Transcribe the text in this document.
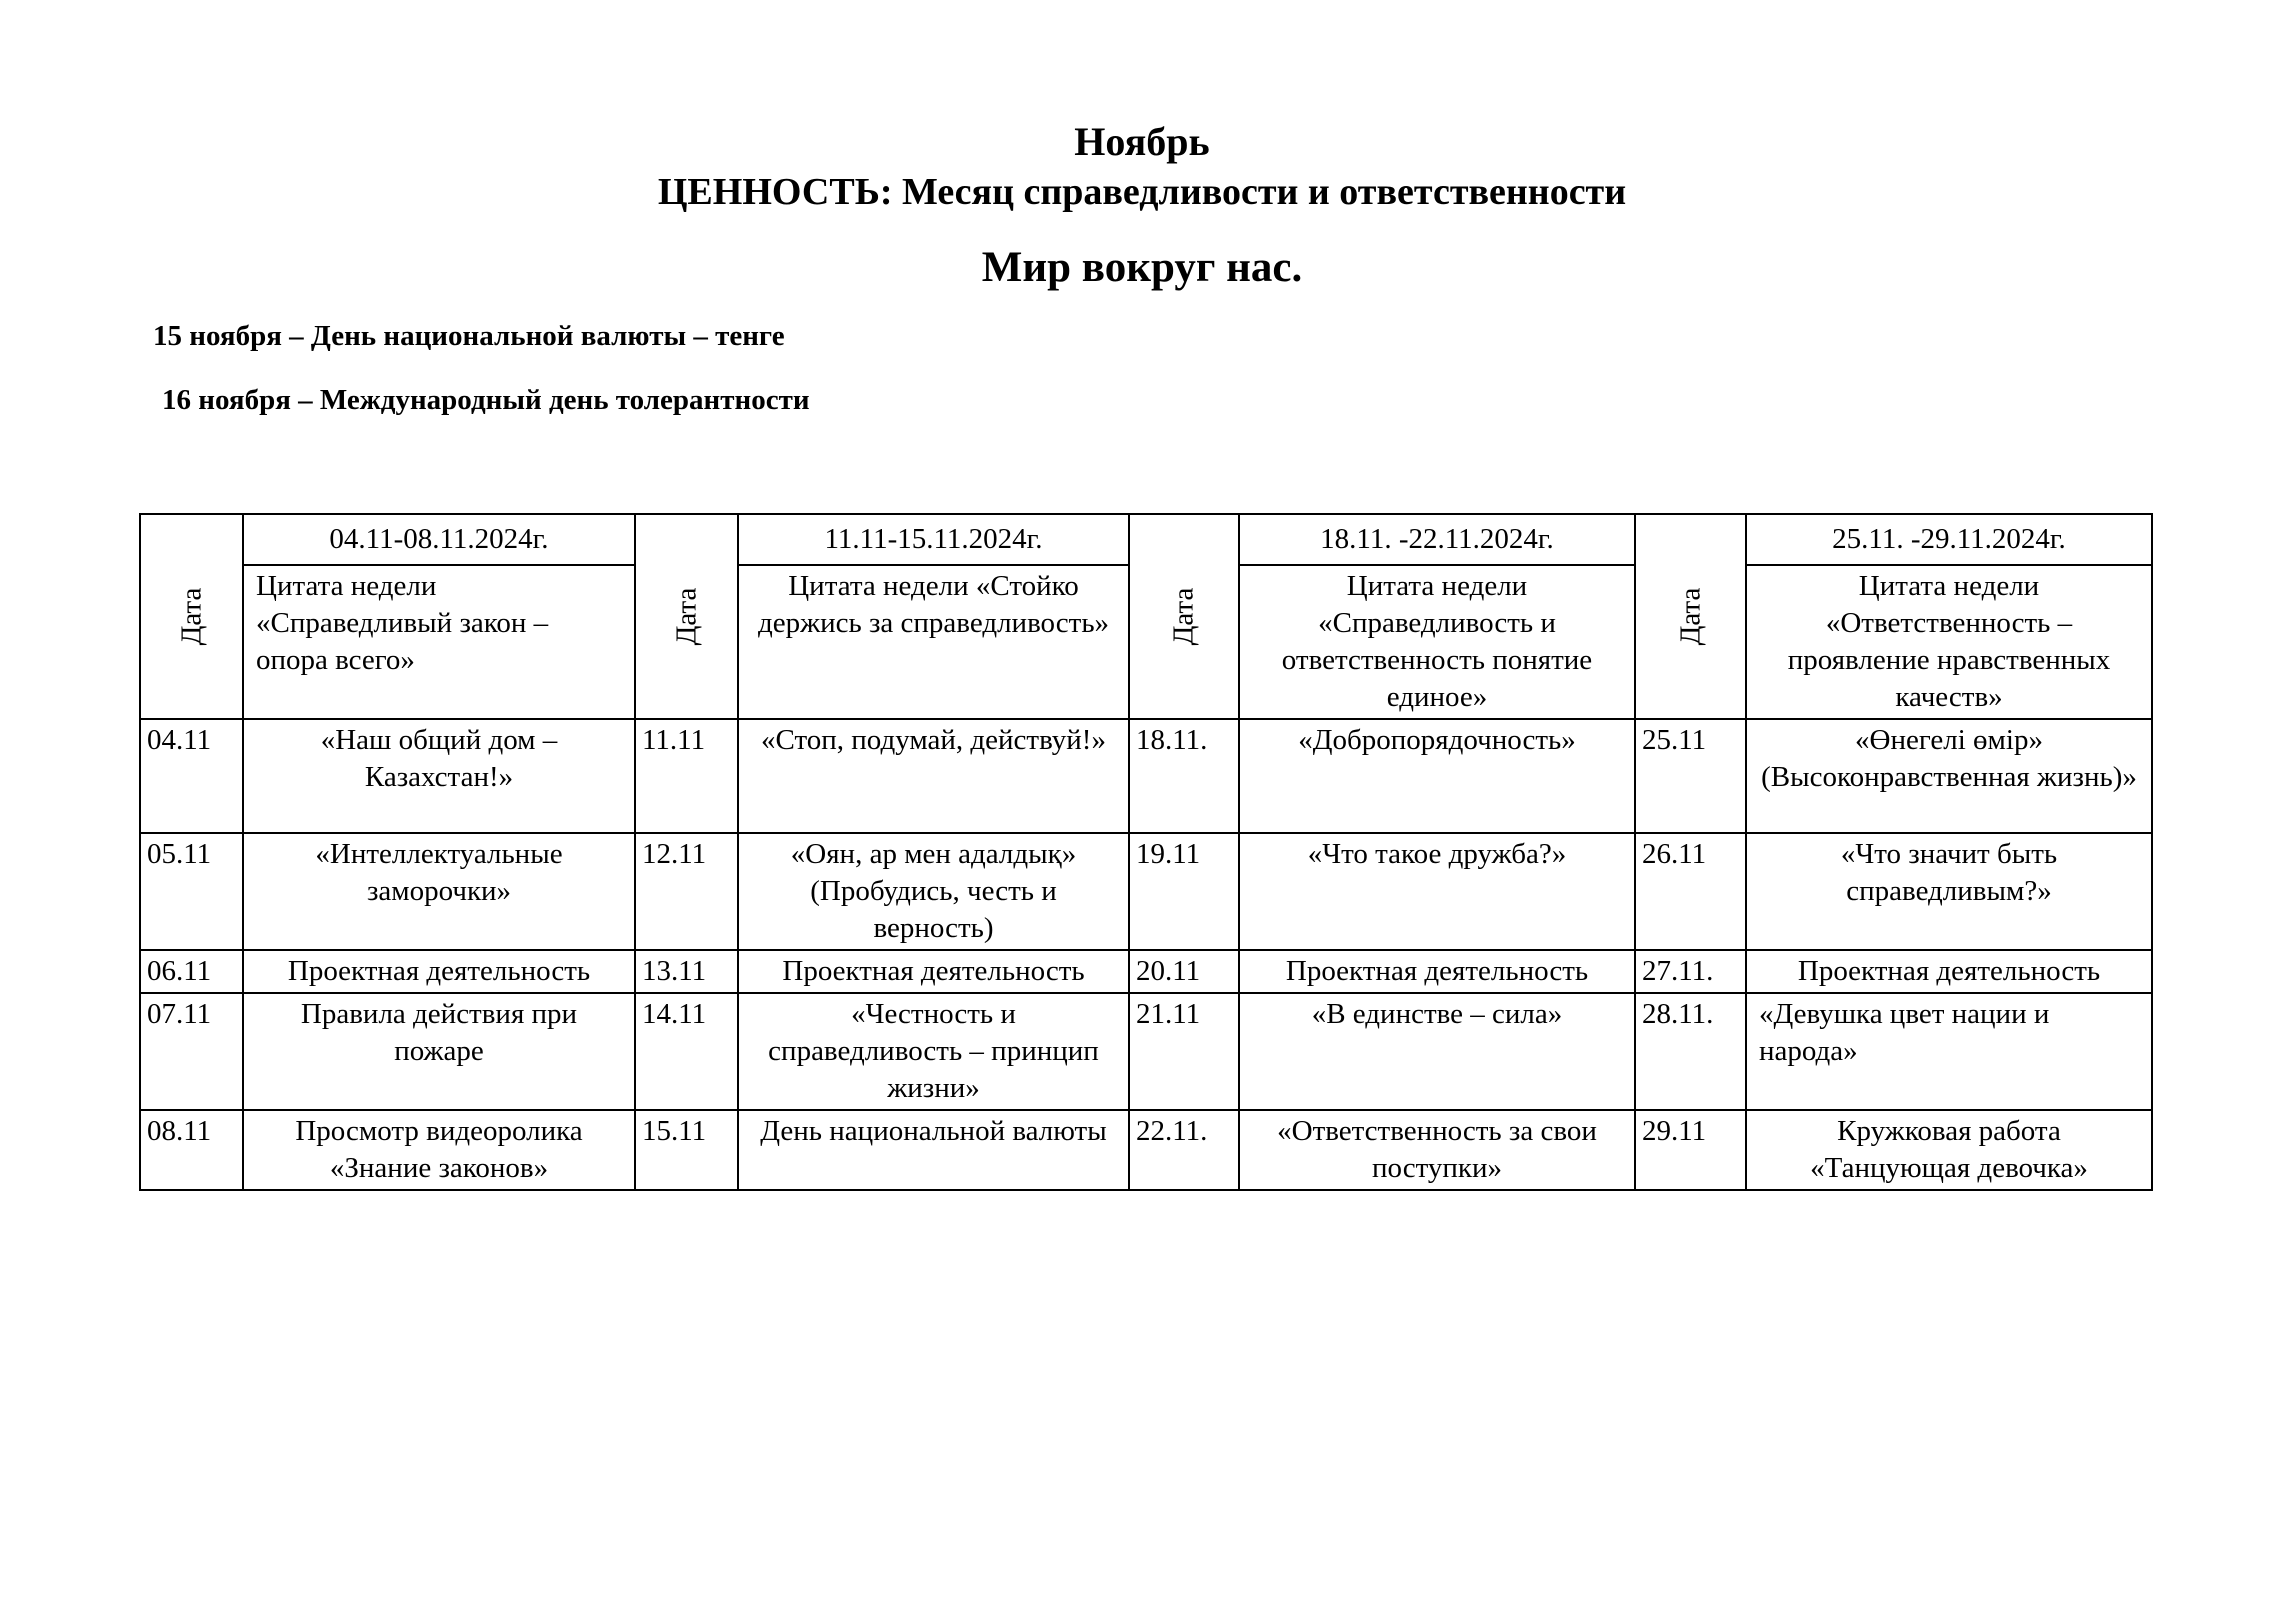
Ноябрь
ЦЕННОСТЬ: Месяц справедливости и ответственности
Мир вокруг нас.
15 ноября – День национальной валюты – тенге
16 ноября – Международный день толерантности
Дата	04.11-08.11.2024г.	Дата	11.11-15.11.2024г.	Дата	18.11. -22.11.2024г.	Дата	25.11. -29.11.2024г.
	Цитата недели «Справедливый закон – опора всего»		Цитата недели «Стойко держись за справедливость»		Цитата недели «Справедливость и ответственность понятие единое»		Цитата недели «Ответственность – проявление нравственных качеств»
04.11	«Наш общий дом – Казахстан!»	11.11	«Стоп, подумай, действуй!»	18.11.	«Добропорядочность»	25.11	«Өнегелі өмір» (Высоконравственная жизнь)»
05.11	«Интеллектуальные заморочки»	12.11	«Оян, ар мен адалдық» (Пробудись, честь и верность)	19.11	«Что такое дружба?»	26.11	«Что значит быть справедливым?»
06.11	Проектная деятельность	13.11	Проектная деятельность	20.11	Проектная деятельность	27.11.	Проектная деятельность
07.11	Правила действия при пожаре	14.11	«Честность и справедливость – принцип жизни»	21.11	«В единстве – сила»	28.11.	«Девушка цвет нации и народа»
08.11	Просмотр видеоролика «Знание законов»	15.11	День национальной валюты	22.11.	«Ответственность за свои поступки»	29.11	Кружковая работа «Танцующая девочка»
